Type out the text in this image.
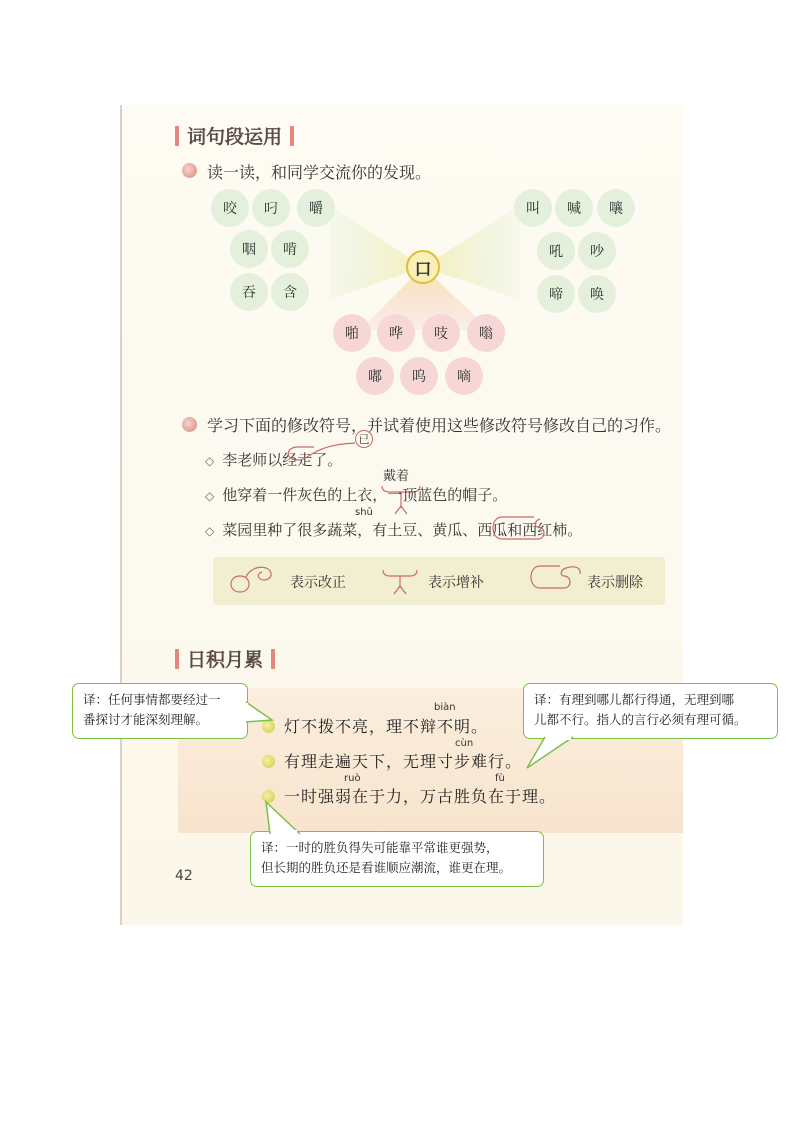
词句段运用
读一读，和同学交流你的发现。
咬	叼	嚼
咽	啃
吞	含
叫	喊	嚷
吼	吵
啼	唤
口
啪	哗	吱	嗡
嘟	呜	嘀
学习下面的修改符号，并试着使用这些修改符号修改自己的习作。
◇ 李老师以经走了。
已
戴着
◇ 他穿着一件灰色的上衣，一顶蓝色的帽子。
shū
◇ 菜园里种了很多蔬菜，有土豆、黄瓜、西瓜和西红柿。
表示改正	表示增补	表示删除
日积月累
biàn
灯不拨不亮，理不辩不明。
cùn
有理走遍天下，无理寸步难行。
ruò	fù
一时强弱在于力，万古胜负在于理。
42
译：任何事情都要经过一
番探讨才能深刻理解。
译：有理到哪儿都行得通，无理到哪
儿都不行。指人的言行必须有理可循。
译：一时的胜负得失可能靠平常谁更强势，
但长期的胜负还是看谁顺应潮流，谁更在理。
